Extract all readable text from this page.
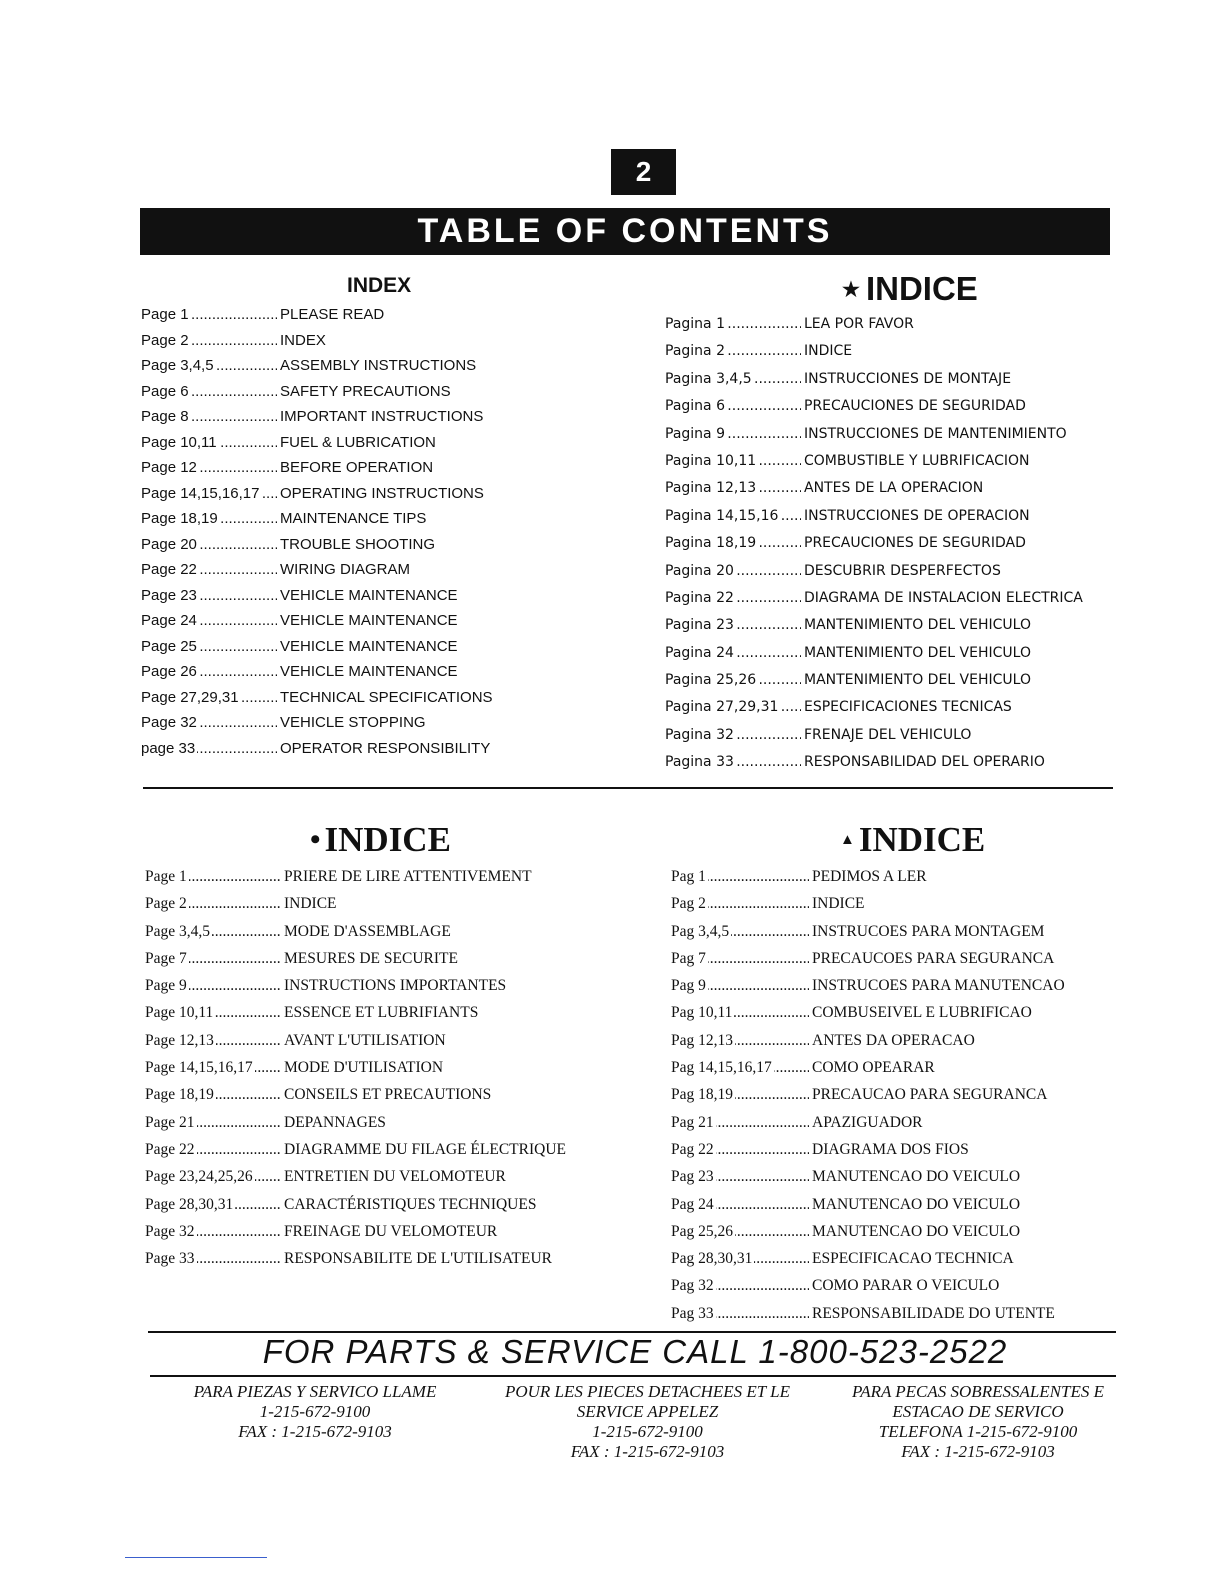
2
TABLE OF CONTENTS
INDEX
Page 1 .....	PLEASE READ
Page 2 .....	INDEX
Page 3,4,5 .....	ASSEMBLY INSTRUCTIONS
Page 6 .....	SAFETY PRECAUTIONS
Page 8 .....	IMPORTANT INSTRUCTIONS
Page 10,11 .....	FUEL & LUBRICATION
Page 12 .....	BEFORE OPERATION
Page 14,15,16,17 .....	OPERATING INSTRUCTIONS
Page 18,19 .....	MAINTENANCE TIPS
Page 20 .....	TROUBLE SHOOTING
Page 22 .....	WIRING DIAGRAM
Page 23 .....	VEHICLE MAINTENANCE
Page 24 .....	VEHICLE MAINTENANCE
Page 25 .....	VEHICLE MAINTENANCE
Page 26 .....	VEHICLE MAINTENANCE
Page 27,29,31 .....	TECHNICAL SPECIFICATIONS
Page 32 .....	VEHICLE STOPPING
page 33 .....	OPERATOR RESPONSIBILITY
★ INDICE
Pagina 1 .....	LEA POR FAVOR
Pagina 2 .....	INDICE
Pagina 3,4,5 .....	INSTRUCCIONES DE MONTAJE
Pagina 6 .....	PRECAUCIONES DE SEGURIDAD
Pagina 9 .....	INSTRUCCIONES DE MANTENIMIENTO
Pagina 10,11 .....	COMBUSTIBLE Y LUBRIFICACION
Pagina 12,13 .....	ANTES DE LA OPERACION
Pagina 14,15,16 .....	INSTRUCCIONES DE OPERACION
Pagina 18,19 .....	PRECAUCIONES DE SEGURIDAD
Pagina 20 .....	DESCUBRIR DESPERFECTOS
Pagina 22 .....	DIAGRAMA DE INSTALACION ELECTRICA
Pagina 23 .....	MANTENIMIENTO DEL VEHICULO
Pagina 24 .....	MANTENIMIENTO DEL VEHICULO
Pagina 25,26 .....	MANTENIMIENTO DEL VEHICULO
Pagina 27,29,31 .....	ESPECIFICACIONES TECNICAS
Pagina 32 .....	FRENAJE DEL VEHICULO
Pagina 33 .....	RESPONSABILIDAD DEL OPERARIO
• INDICE
Page 1 .....	PRIERE DE LIRE ATTENTIVEMENT
Page 2 .....	INDICE
Page 3,4,5 .....	MODE D'ASSEMBLAGE
Page 7 .....	MESURES DE SECURITE
Page 9 .....	INSTRUCTIONS IMPORTANTES
Page 10,11 .....	ESSENCE ET LUBRIFIANTS
Page 12,13 .....	AVANT L'UTILISATION
Page 14,15,16,17 .....	MODE D'UTILISATION
Page 18,19 .....	CONSEILS ET PRECAUTIONS
Page 21 .....	DEPANNAGES
Page 22 .....	DIAGRAMME DU FILAGE ÉLECTRIQUE
Page 23,24,25,26 .....	ENTRETIEN DU VELOMOTEUR
Page 28,30,31 .....	CARACTÉRISTIQUES TECHNIQUES
Page 32 .....	FREINAGE DU VELOMOTEUR
Page 33 .....	RESPONSABILITE DE L'UTILISATEUR
▲ INDICE
Pag 1 .....	PEDIMOS A LER
Pag 2 .....	INDICE
Pag 3,4,5 .....	INSTRUCOES PARA MONTAGEM
Pag 7 .....	PRECAUCOES PARA SEGURANCA
Pag 9 .....	INSTRUCOES PARA MANUTENCAO
Pag 10,11 .....	COMBUSEIVEL E LUBRIFICAO
Pag 12,13 .....	ANTES DA OPERACAO
Pag 14,15,16,17 .....	COMO OPEARAR
Pag 18,19 .....	PRECAUCAO PARA SEGURANCA
Pag 21 .....	APAZIGUADOR
Pag 22 .....	DIAGRAMA DOS FIOS
Pag 23 .....	MANUTENCAO DO VEICULO
Pag 24 .....	MANUTENCAO DO VEICULO
Pag 25,26 .....	MANUTENCAO DO VEICULO
Pag 28,30,31 .....	ESPECIFICACAO TECHNICA
Pag 32 .....	COMO PARAR O VEICULO
Pag 33 .....	RESPONSABILIDADE DO UTENTE
FOR PARTS & SERVICE CALL 1-800-523-2522
PARA PIEZAS Y SERVICO LLAME
1-215-672-9100
FAX : 1-215-672-9103
POUR LES PIECES DETACHEES ET LE
SERVICE APPELEZ
1-215-672-9100
FAX : 1-215-672-9103
PARA PECAS SOBRESSALENTES E
ESTACAO DE SERVICO
TELEFONA 1-215-672-9100
FAX : 1-215-672-9103
